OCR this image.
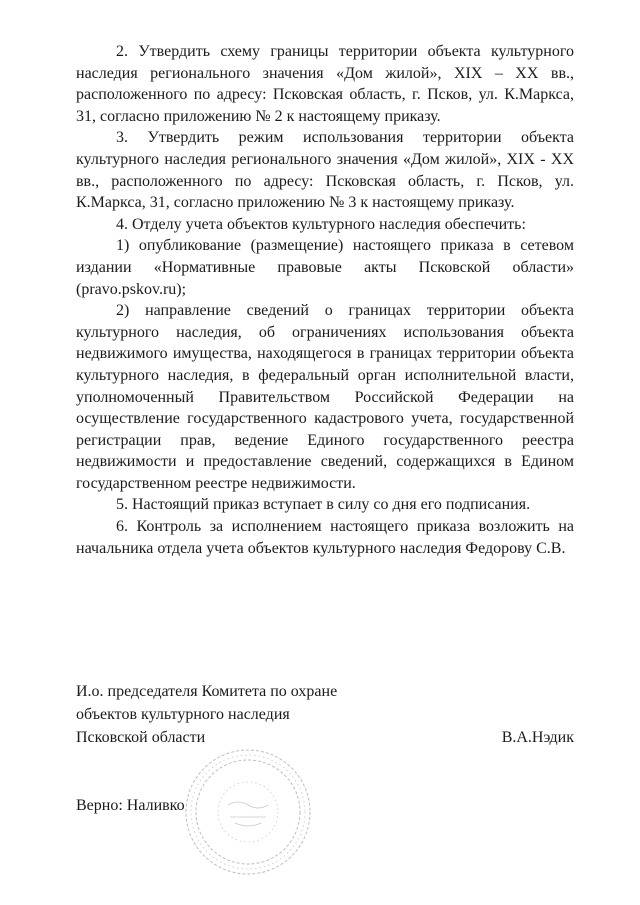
2. Утвердить схему границы территории объекта культурного наследия регионального значения «Дом жилой», XIX – XX вв., расположенного по адресу: Псковская область, г. Псков, ул. К.Маркса, 31, согласно приложению № 2 к настоящему приказу.

3. Утвердить режим использования территории объекта культурного наследия регионального значения «Дом жилой», XIX - XX вв., расположенного по адресу: Псковская область, г. Псков, ул. К.Маркса, 31, согласно приложению № 3 к настоящему приказу.

4. Отделу учета объектов культурного наследия обеспечить:

1) опубликование (размещение) настоящего приказа в сетевом издании «Нормативные правовые акты Псковской области» (pravo.pskov.ru);

2) направление сведений о границах территории объекта культурного наследия, об ограничениях использования объекта недвижимого имущества, находящегося в границах территории объекта культурного наследия, в федеральный орган исполнительной власти, уполномоченный Правительством Российской Федерации на осуществление государственного кадастрового учета, государственной регистрации прав, ведение Единого государственного реестра недвижимости и предоставление сведений, содержащихся в Едином государственном реестре недвижимости.

5. Настоящий приказ вступает в силу со дня его подписания.

6. Контроль за исполнением настоящего приказа возложить на начальника отдела учета объектов культурного наследия Федорову С.В.

И.о. председателя Комитета по охране

объектов культурного наследия

Псковской области	В.А.Нэдик
Верно: Наливко
